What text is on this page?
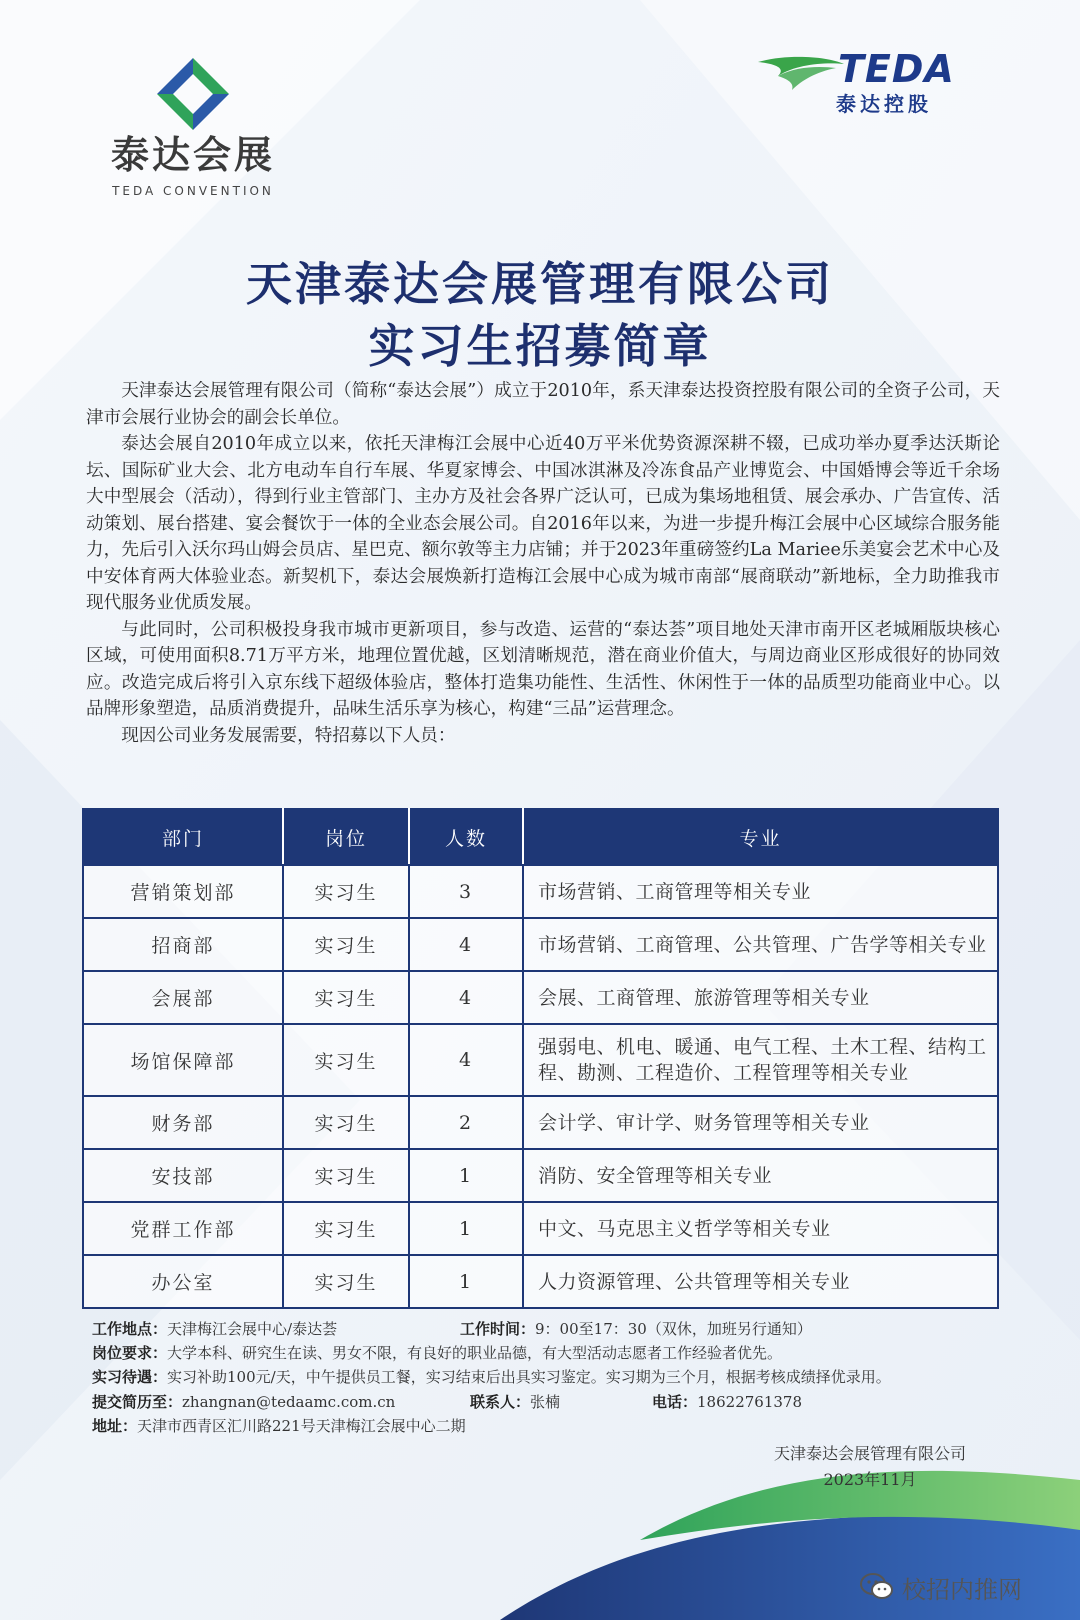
泰达会展
TEDA CONVENTION
TEDA
泰达控股
天津泰达会展管理有限公司
实习生招募简章

天津泰达会展管理有限公司（简称“泰达会展”）成立于2010年，系天津泰达投资控股有限公司的全资子公司，天津市会展行业协会的副会长单位。

泰达会展自2010年成立以来，依托天津梅江会展中心近40万平米优势资源深耕不辍，已成功举办夏季达沃斯论坛、国际矿业大会、北方电动车自行车展、华夏家博会、中国冰淇淋及冷冻食品产业博览会、中国婚博会等近千余场大中型展会（活动），得到行业主管部门、主办方及社会各界广泛认可，已成为集场地租赁、展会承办、广告宣传、活动策划、展台搭建、宴会餐饮于一体的全业态会展公司。自2016年以来，为进一步提升梅江会展中心区域综合服务能力，先后引入沃尔玛山姆会员店、星巴克、额尔敦等主力店铺；并于2023年重磅签约La Mariee乐美宴会艺术中心及中安体育两大体验业态。新契机下，泰达会展焕新打造梅江会展中心成为城市南部“展商联动”新地标，全力助推我市现代服务业优质发展。

与此同时，公司积极投身我市城市更新项目，参与改造、运营的“泰达荟”项目地处天津市南开区老城厢版块核心区域，可使用面积8.71万平方米，地理位置优越，区划清晰规范，潜在商业价值大，与周边商业区形成很好的协同效应。改造完成后将引入京东线下超级体验店，整体打造集功能性、生活性、休闲性于一体的品质型功能商业中心。以品牌形象塑造，品质消费提升，品味生活乐享为核心，构建“三品”运营理念。

现因公司业务发展需要，特招募以下人员：

部门	岗位	人数	专业
营销策划部	实习生	3	市场营销、工商管理等相关专业
招商部	实习生	4	市场营销、工商管理、公共管理、广告学等相关专业
会展部	实习生	4	会展、工商管理、旅游管理等相关专业
场馆保障部	实习生	4	强弱电、机电、暖通、电气工程、土木工程、结构工程、勘测、工程造价、工程管理等相关专业
财务部	实习生	2	会计学、审计学、财务管理等相关专业
安技部	实习生	1	消防、安全管理等相关专业
党群工作部	实习生	1	中文、马克思主义哲学等相关专业
办公室	实习生	1	人力资源管理、公共管理等相关专业
工作地点：天津梅江会展中心/泰达荟	工作时间：9：00至17：30（双休，加班另行通知）
岗位要求：大学本科、研究生在读、男女不限，有良好的职业品德，有大型活动志愿者工作经验者优先。
实习待遇：实习补助100元/天，中午提供员工餐，实习结束后出具实习鉴定。实习期为三个月，根据考核成绩择优录用。
提交简历至：zhangnan@tedaamc.com.cn	联系人：张楠	电话：18622761378
地址：天津市西青区汇川路221号天津梅江会展中心二期
天津泰达会展管理有限公司
2023年11月
校招内推网
